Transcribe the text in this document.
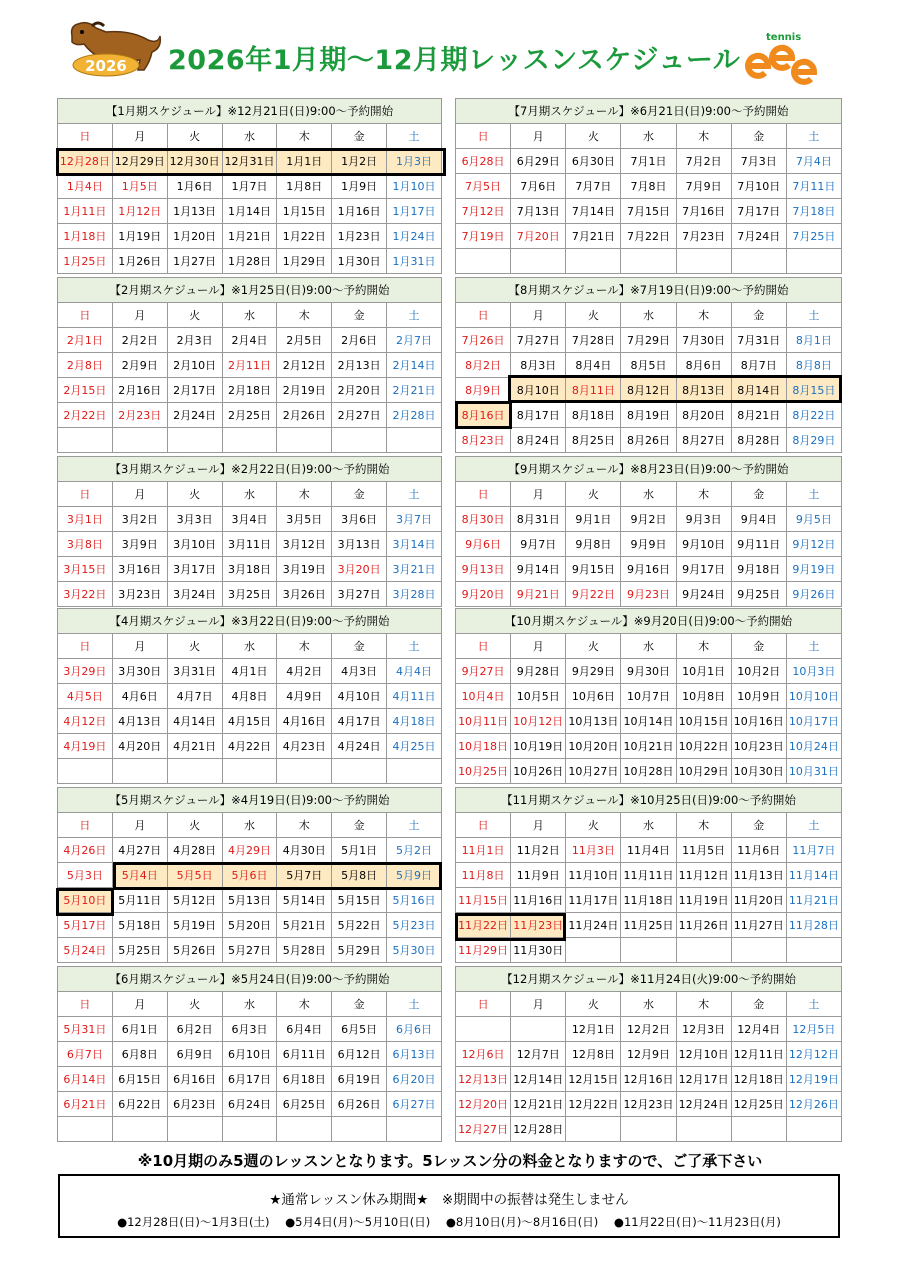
2026 2026年1月期～12月期レッスンスケジュール
tennis
【1月期スケジュール】※12月21日(日)9:00～予約開始						
日	月	火	水	木	金	土
12月28日	12月29日	12月30日	12月31日	1月1日	1月2日	1月3日
1月4日	1月5日	1月6日	1月7日	1月8日	1月9日	1月10日
1月11日	1月12日	1月13日	1月14日	1月15日	1月16日	1月17日
1月18日	1月19日	1月20日	1月21日	1月22日	1月23日	1月24日
1月25日	1月26日	1月27日	1月28日	1月29日	1月30日	1月31日
【7月期スケジュール】※6月21日(日)9:00～予約開始						
日	月	火	水	木	金	土
6月28日	6月29日	6月30日	7月1日	7月2日	7月3日	7月4日
7月5日	7月6日	7月7日	7月8日	7月9日	7月10日	7月11日
7月12日	7月13日	7月14日	7月15日	7月16日	7月17日	7月18日
7月19日	7月20日	7月21日	7月22日	7月23日	7月24日	7月25日

【2月期スケジュール】※1月25日(日)9:00～予約開始						
日	月	火	水	木	金	土
2月1日	2月2日	2月3日	2月4日	2月5日	2月6日	2月7日
2月8日	2月9日	2月10日	2月11日	2月12日	2月13日	2月14日
2月15日	2月16日	2月17日	2月18日	2月19日	2月20日	2月21日
2月22日	2月23日	2月24日	2月25日	2月26日	2月27日	2月28日

【8月期スケジュール】※7月19日(日)9:00～予約開始						
日	月	火	水	木	金	土
7月26日	7月27日	7月28日	7月29日	7月30日	7月31日	8月1日
8月2日	8月3日	8月4日	8月5日	8月6日	8月7日	8月8日
8月9日	8月10日	8月11日	8月12日	8月13日	8月14日	8月15日
8月16日	8月17日	8月18日	8月19日	8月20日	8月21日	8月22日
8月23日	8月24日	8月25日	8月26日	8月27日	8月28日	8月29日
【3月期スケジュール】※2月22日(日)9:00～予約開始						
日	月	火	水	木	金	土
3月1日	3月2日	3月3日	3月4日	3月5日	3月6日	3月7日
3月8日	3月9日	3月10日	3月11日	3月12日	3月13日	3月14日
3月15日	3月16日	3月17日	3月18日	3月19日	3月20日	3月21日
3月22日	3月23日	3月24日	3月25日	3月26日	3月27日	3月28日
【9月期スケジュール】※8月23日(日)9:00～予約開始						
日	月	火	水	木	金	土
8月30日	8月31日	9月1日	9月2日	9月3日	9月4日	9月5日
9月6日	9月7日	9月8日	9月9日	9月10日	9月11日	9月12日
9月13日	9月14日	9月15日	9月16日	9月17日	9月18日	9月19日
9月20日	9月21日	9月22日	9月23日	9月24日	9月25日	9月26日
【4月期スケジュール】※3月22日(日)9:00～予約開始						
日	月	火	水	木	金	土
3月29日	3月30日	3月31日	4月1日	4月2日	4月3日	4月4日
4月5日	4月6日	4月7日	4月8日	4月9日	4月10日	4月11日
4月12日	4月13日	4月14日	4月15日	4月16日	4月17日	4月18日
4月19日	4月20日	4月21日	4月22日	4月23日	4月24日	4月25日

【10月期スケジュール】※9月20日(日)9:00～予約開始						
日	月	火	水	木	金	土
9月27日	9月28日	9月29日	9月30日	10月1日	10月2日	10月3日
10月4日	10月5日	10月6日	10月7日	10月8日	10月9日	10月10日
10月11日	10月12日	10月13日	10月14日	10月15日	10月16日	10月17日
10月18日	10月19日	10月20日	10月21日	10月22日	10月23日	10月24日
10月25日	10月26日	10月27日	10月28日	10月29日	10月30日	10月31日
【5月期スケジュール】※4月19日(日)9:00～予約開始						
日	月	火	水	木	金	土
4月26日	4月27日	4月28日	4月29日	4月30日	5月1日	5月2日
5月3日	5月4日	5月5日	5月6日	5月7日	5月8日	5月9日
5月10日	5月11日	5月12日	5月13日	5月14日	5月15日	5月16日
5月17日	5月18日	5月19日	5月20日	5月21日	5月22日	5月23日
5月24日	5月25日	5月26日	5月27日	5月28日	5月29日	5月30日
【11月期スケジュール】※10月25日(日)9:00～予約開始						
日	月	火	水	木	金	土
11月1日	11月2日	11月3日	11月4日	11月5日	11月6日	11月7日
11月8日	11月9日	11月10日	11月11日	11月12日	11月13日	11月14日
11月15日	11月16日	11月17日	11月18日	11月19日	11月20日	11月21日
11月22日	11月23日	11月24日	11月25日	11月26日	11月27日	11月28日
11月29日	11月30日					
【6月期スケジュール】※5月24日(日)9:00～予約開始						
日	月	火	水	木	金	土
5月31日	6月1日	6月2日	6月3日	6月4日	6月5日	6月6日
6月7日	6月8日	6月9日	6月10日	6月11日	6月12日	6月13日
6月14日	6月15日	6月16日	6月17日	6月18日	6月19日	6月20日
6月21日	6月22日	6月23日	6月24日	6月25日	6月26日	6月27日

【12月期スケジュール】※11月24日(火)9:00～予約開始						
日	月	火	水	木	金	土
		12月1日	12月2日	12月3日	12月4日	12月5日
12月6日	12月7日	12月8日	12月9日	12月10日	12月11日	12月12日
12月13日	12月14日	12月15日	12月16日	12月17日	12月18日	12月19日
12月20日	12月21日	12月22日	12月23日	12月24日	12月25日	12月26日
12月27日	12月28日					
※10月期のみ5週のレッスンとなります。5レッスン分の料金となりますので、ご了承下さい
★通常レッスン休み期間★　※期間中の振替は発生しません
●12月28日(日)～1月3日(土) ●5月4日(月)～5月10日(日) ●8月10日(月)～8月16日(日) ●11月22日(日)～11月23日(月)
